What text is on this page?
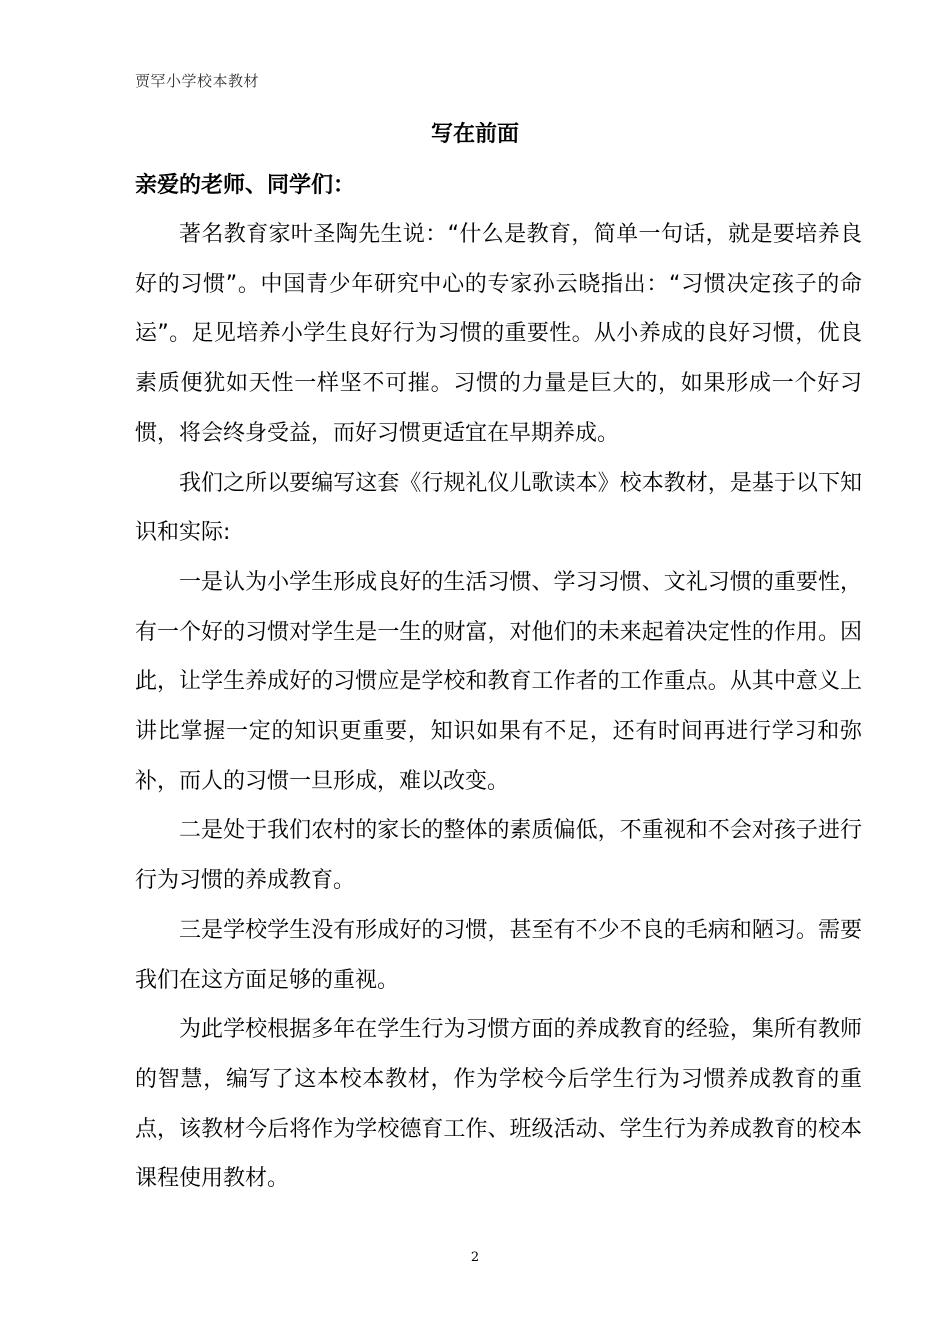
贾罕小学校本教材
写在前面
亲爱的老师、同学们：

著名教育家叶圣陶先生说：“什么是教育，简单一句话，就是要培养良好的习惯”。中国青少年研究中心的专家孙云晓指出：“习惯决定孩子的命运”。足见培养小学生良好行为习惯的重要性。从小养成的良好习惯，优良素质便犹如天性一样坚不可摧。习惯的力量是巨大的，如果形成一个好习惯，将会终身受益，而好习惯更适宜在早期养成。

我们之所以要编写这套《行规礼仪儿歌读本》校本教材，是基于以下知识和实际:

一是认为小学生形成良好的生活习惯、学习习惯、文礼习惯的重要性，有一个好的习惯对学生是一生的财富，对他们的未来起着决定性的作用。因此，让学生养成好的习惯应是学校和教育工作者的工作重点。从其中意义上讲比掌握一定的知识更重要，知识如果有不足，还有时间再进行学习和弥补，而人的习惯一旦形成，难以改变。

二是处于我们农村的家长的整体的素质偏低，不重视和不会对孩子进行行为习惯的养成教育。

三是学校学生没有形成好的习惯，甚至有不少不良的毛病和陋习。需要我们在这方面足够的重视。

为此学校根据多年在学生行为习惯方面的养成教育的经验，集所有教师的智慧，编写了这本校本教材，作为学校今后学生行为习惯养成教育的重点，该教材今后将作为学校德育工作、班级活动、学生行为养成教育的校本课程使用教材。

2
